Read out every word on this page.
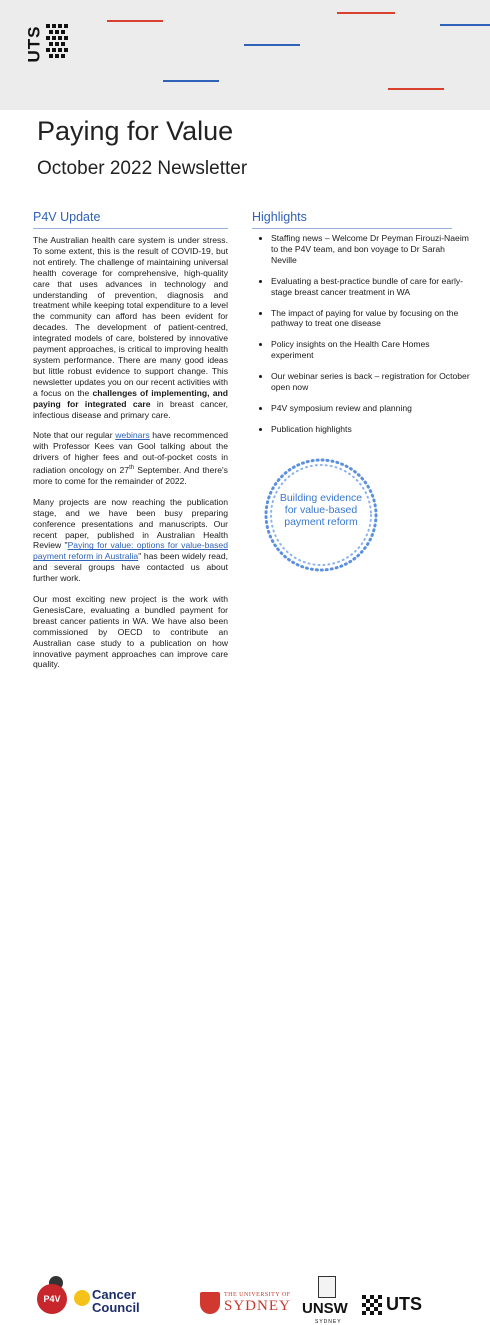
UTS
Paying for Value
October 2022 Newsletter
P4V Update

The Australian health care system is under stress. To some extent, this is the result of COVID-19, but not entirely. The challenge of maintaining universal health coverage for comprehensive, high-quality care that uses advances in technology and understanding of prevention, diagnosis and treatment while keeping total expenditure to a level the community can afford has been evident for decades. The development of patient-centred, integrated models of care, bolstered by innovative payment approaches, is critical to improving health system performance. There are many good ideas but little robust evidence to support change. This newsletter updates you on our recent activities with a focus on the challenges of implementing, and paying for integrated care in breast cancer, infectious disease and primary care.

Note that our regular webinars have recommenced with Professor Kees van Gool talking about the drivers of higher fees and out-of-pocket costs in radiation oncology on 27th September. And there's more to come for the remainder of 2022.

Many projects are now reaching the publication stage, and we have been busy preparing conference presentations and manuscripts. Our recent paper, published in Australian Health Review "Paying for value: options for value-based payment reform in Australia" has been widely read, and several groups have contacted us about further work.

Our most exciting new project is the work with GenesisCare, evaluating a bundled payment for breast cancer patients in WA. We have also been commissioned by OECD to contribute an Australian case study to a publication on how innovative payment approaches can improve care quality.

Highlights
• Staffing news – Welcome Dr Peyman Firouzi-Naeim to the P4V team, and bon voyage to Dr Sarah Neville
• Evaluating a best-practice bundle of care for early-stage breast cancer treatment in WA
• The impact of paying for value by focusing on the pathway to treat one disease
• Policy insights on the Health Care Homes experiment
• Our webinar series is back – registration for October open now
• P4V symposium review and planning
• Publication highlights
Building evidence
for value-based
payment reform
P4V	Cancer
Council
THE UNIVERSITY OF
SYDNEY UNSW
SYDNEY
UTS
